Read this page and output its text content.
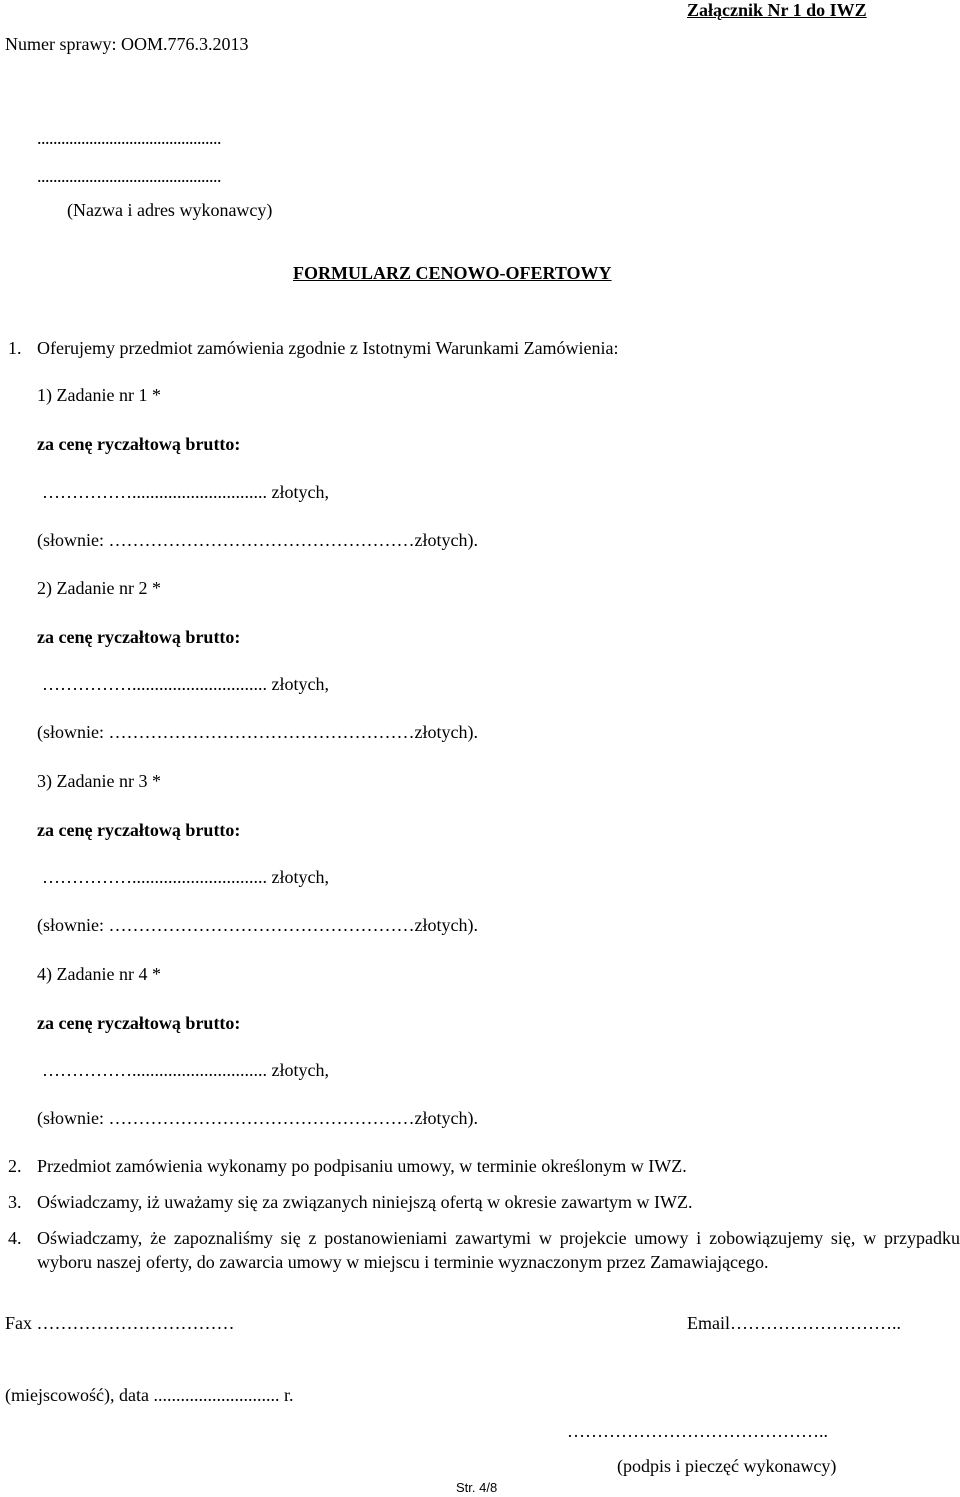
Numer sprawy: OOM.776.3.2013
Załącznik Nr 1 do IWZ
..............................................
..............................................
(Nazwa i adres wykonawcy)
FORMULARZ CENOWO-OFERTOWY
1. Oferujemy przedmiot zamówienia zgodnie z Istotnymi Warunkami Zamówienia:
1) Zadanie nr 1 *
za cenę ryczałtową brutto:
…………….............................. złotych,
(słownie: ……………………………………………złotych).
2) Zadanie nr 2 *
za cenę ryczałtową brutto:
…………….............................. złotych,
(słownie: ……………………………………………złotych).
3) Zadanie nr 3 *
za cenę ryczałtową brutto:
…………….............................. złotych,
(słownie: ……………………………………………złotych).
4) Zadanie nr 4 *
za cenę ryczałtową brutto:
…………….............................. złotych,
(słownie: ……………………………………………złotych).
2. Przedmiot zamówienia wykonamy po podpisaniu umowy, w terminie określonym w IWZ.
3. Oświadczamy, iż uważamy się za związanych niniejszą ofertą w okresie zawartym w IWZ.
4. Oświadczamy, że zapoznaliśmy się z postanowieniami zawartymi w projekcie umowy i zobowiązujemy się, w przypadku wyboru naszej oferty, do zawarcia umowy w miejscu i terminie wyznaczonym przez Zamawiającego.
Fax ……………………………	Email………………………..
(miejscowość), data ............................ r.
……………………………………..
(podpis i pieczęć wykonawcy)
Str. 4/8
